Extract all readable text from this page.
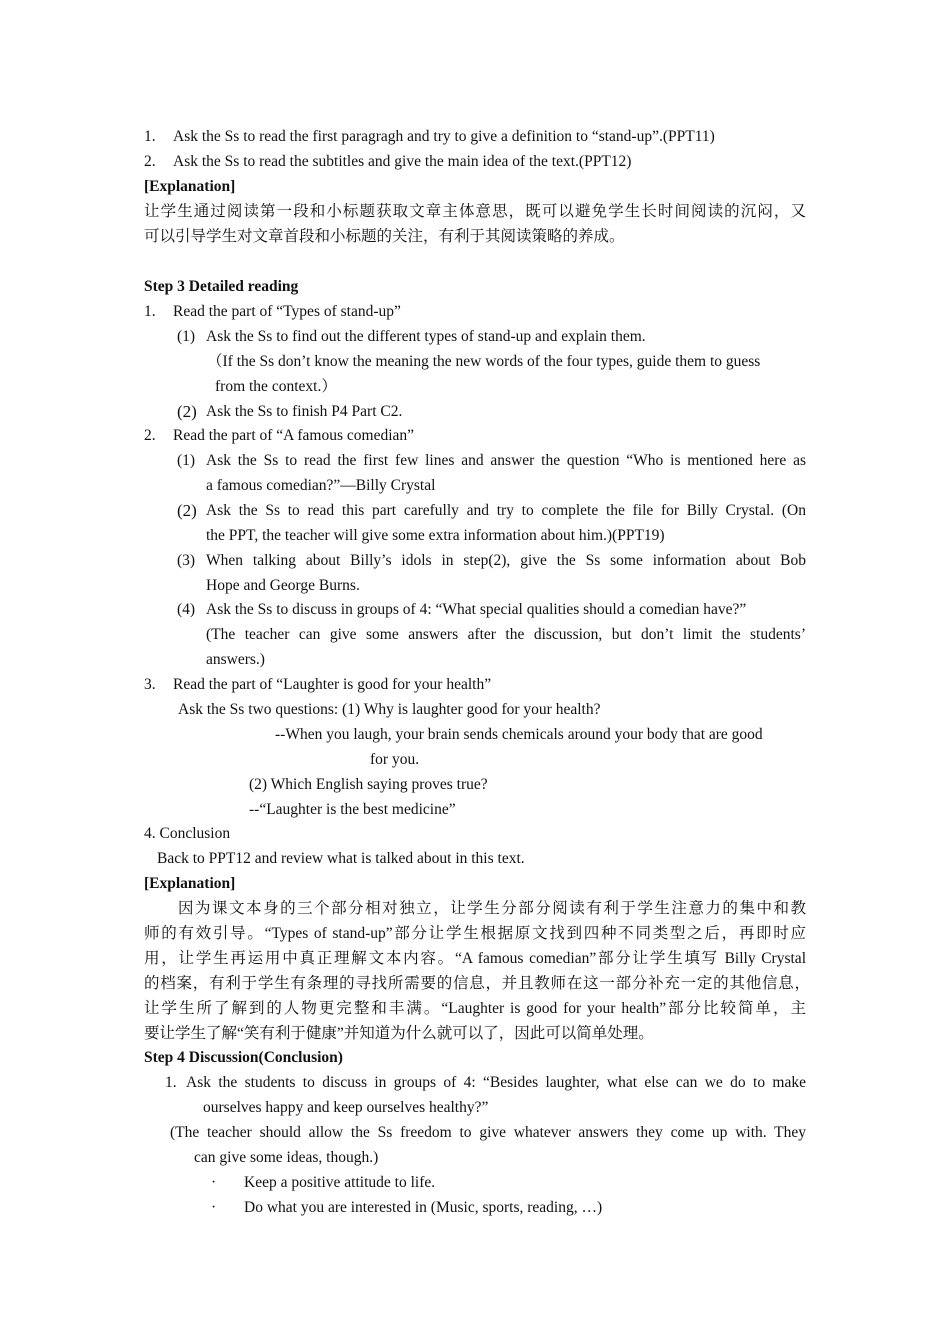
1. Ask the Ss to read the first paragragh and try to give a definition to “stand-up”.(PPT11)
2. Ask the Ss to read the subtitles and give the main idea of the text.(PPT12)
[Explanation]
让学生通过阅读第一段和小标题获取文章主体意思，既可以避免学生长时间阅读的沉闷，又
可以引导学生对文章首段和小标题的关注，有利于其阅读策略的养成。
Step 3 Detailed reading
1. Read the part of “Types of stand-up”
(1) Ask the Ss to find out the different types of stand-up and explain them.
（If the Ss don’t know the meaning the new words of the four types, guide them to guess
from the context.）
(2) Ask the Ss to finish P4 Part C2.
2. Read the part of “A famous comedian”
(1) Ask the Ss to read the first few lines and answer the question “Who is mentioned here as
a famous comedian?”—Billy Crystal
(2) Ask the Ss to read this part carefully and try to complete the file for Billy Crystal. (On
the PPT, the teacher will give some extra information about him.)(PPT19)
(3) When talking about Billy’s idols in step(2), give the Ss some information about Bob
Hope and George Burns.
(4) Ask the Ss to discuss in groups of 4: “What special qualities should a comedian have?”
(The teacher can give some answers after the discussion, but don’t limit the students’
answers.)
3. Read the part of “Laughter is good for your health”
Ask the Ss two questions: (1) Why is laughter good for your health?
--When you laugh, your brain sends chemicals around your body that are good
for you.
(2) Which English saying proves true?
--“Laughter is the best medicine”
4. Conclusion
Back to PPT12 and review what is talked about in this text.
[Explanation]
因为课文本身的三个部分相对独立，让学生分部分阅读有利于学生注意力的集中和教
师的有效引导。“Types of stand-up”部分让学生根据原文找到四种不同类型之后，再即时应
用，让学生再运用中真正理解文本内容。“A famous comedian”部分让学生填写 Billy Crystal
的档案，有利于学生有条理的寻找所需要的信息，并且教师在这一部分补充一定的其他信息，
让学生所了解到的人物更完整和丰满。“Laughter is good for your health”部分比较简单，主
要让学生了解“笑有利于健康”并知道为什么就可以了，因此可以简单处理。
Step 4 Discussion(Conclusion)
1. Ask the students to discuss in groups of 4: “Besides laughter, what else can we do to make
ourselves happy and keep ourselves healthy?”
(The teacher should allow the Ss freedom to give whatever answers they come up with. They
can give some ideas, though.)
· Keep a positive attitude to life.
· Do what you are interested in (Music, sports, reading, …)
